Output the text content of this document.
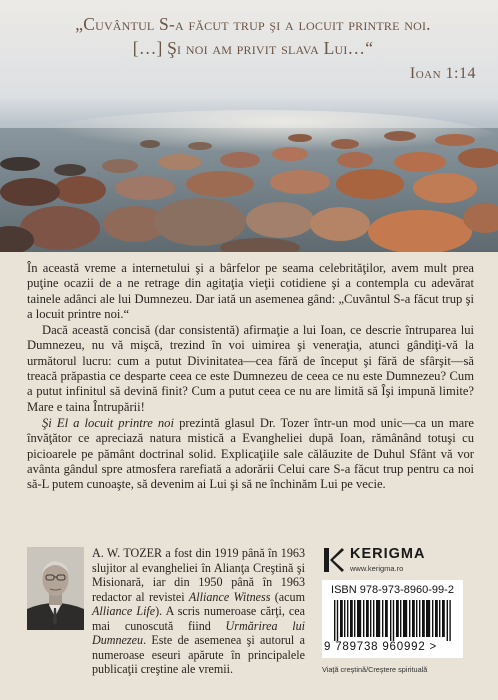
„Cuvântul S-a făcut trup şi a locuit printre noi.
[…] Şi noi am privit slava Lui…“
Ioan 1:14

În această vreme a internetului şi a bârfelor pe seama celebrităţilor, avem mult prea puţine ocazii de a ne retrage din agitaţia vieţii cotidiene şi a contempla cu adevărat tainele adânci ale lui Dumnezeu. Dar iată un asemenea gând: „Cuvântul S-a făcut trup şi a locuit printre noi.“

Dacă această concisă (dar consistentă) afirmaţie a lui Ioan, ce descrie întruparea lui Dumnezeu, nu vă mişcă, trezind în voi uimirea şi veneraţia, atunci gândiţi-vă la următorul lucru: cum a putut Divinitatea—cea fără de început şi fără de sfârşit—să treacă prăpastia ce desparte ceea ce este Dumnezeu de ceea ce nu este Dumnezeu? Cum a putut infinitul să devină finit? Cum a putut ceea ce nu are limită să Îşi impună limite? Mare e taina Întrupării!

Şi El a locuit printre noi prezintă glasul Dr. Tozer într-un mod unic—ca un mare învăţător ce apreciază natura mistică a Evangheliei după Ioan, rămânând totuşi cu picioarele pe pământ doctrinal solid. Explicaţiile sale călăuzite de Duhul Sfânt vă vor avânta gândul spre atmosfera rarefiată a adorării Celui care S-a făcut trup pentru ca noi să-L putem cunoaşte, să devenim ai Lui şi să ne închinăm Lui pe vecie.

A. W. TOZER a fost din 1919 până în 1963 slujitor al evangheliei în Alianţa Creştină şi Misionară, iar din 1950 până în 1963 redactor al revistei Alliance Witness (acum Alliance Life). A scris numeroase cărţi, cea mai cunoscută fiind Urmărirea lui Dumnezeu. Este de asemenea şi autorul a numeroase eseuri apărute în principalele publicaţii creştine ale vremii.
KERIGMA
www.kerigma.ro
ISBN 978-973-8960-99-2
9 789738 960992 >
Viaţă creştină/Creştere spirituală
